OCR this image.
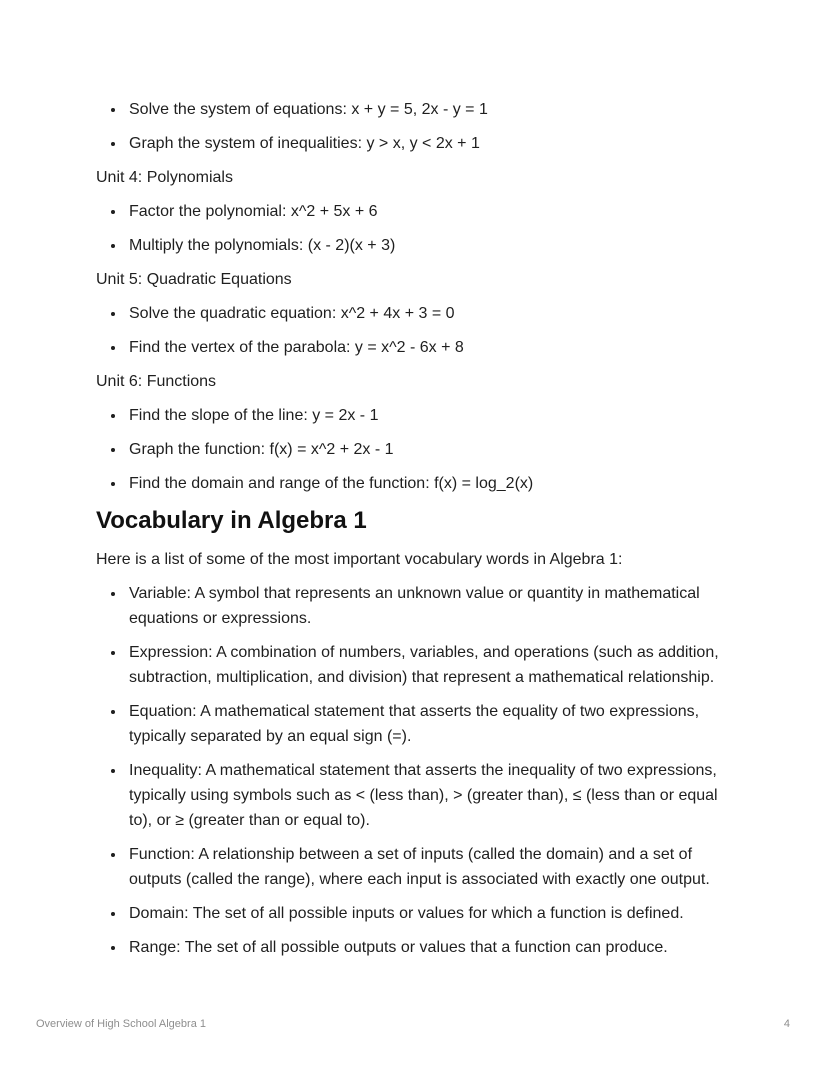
• Solve the system of equations: x + y = 5, 2x - y = 1
• Graph the system of inequalities: y > x, y < 2x + 1

Unit 4: Polynomials

• Factor the polynomial: x^2 + 5x + 6
• Multiply the polynomials: (x - 2)(x + 3)

Unit 5: Quadratic Equations

• Solve the quadratic equation: x^2 + 4x + 3 = 0
• Find the vertex of the parabola: y = x^2 - 6x + 8

Unit 6: Functions

• Find the slope of the line: y = 2x - 1
• Graph the function: f(x) = x^2 + 2x - 1
• Find the domain and range of the function: f(x) = log_2(x)
Vocabulary in Algebra 1

Here is a list of some of the most important vocabulary words in Algebra 1:

• Variable: A symbol that represents an unknown value or quantity in mathematical equations or expressions.
• Expression: A combination of numbers, variables, and operations (such as addition, subtraction, multiplication, and division) that represent a mathematical relationship.
• Equation: A mathematical statement that asserts the equality of two expressions, typically separated by an equal sign (=).
• Inequality: A mathematical statement that asserts the inequality of two expressions, typically using symbols such as < (less than), > (greater than), ≤ (less than or equal to), or ≥ (greater than or equal to).
• Function: A relationship between a set of inputs (called the domain) and a set of outputs (called the range), where each input is associated with exactly one output.
• Domain: The set of all possible inputs or values for which a function is defined.
• Range: The set of all possible outputs or values that a function can produce.
Overview of High School Algebra 1	4
